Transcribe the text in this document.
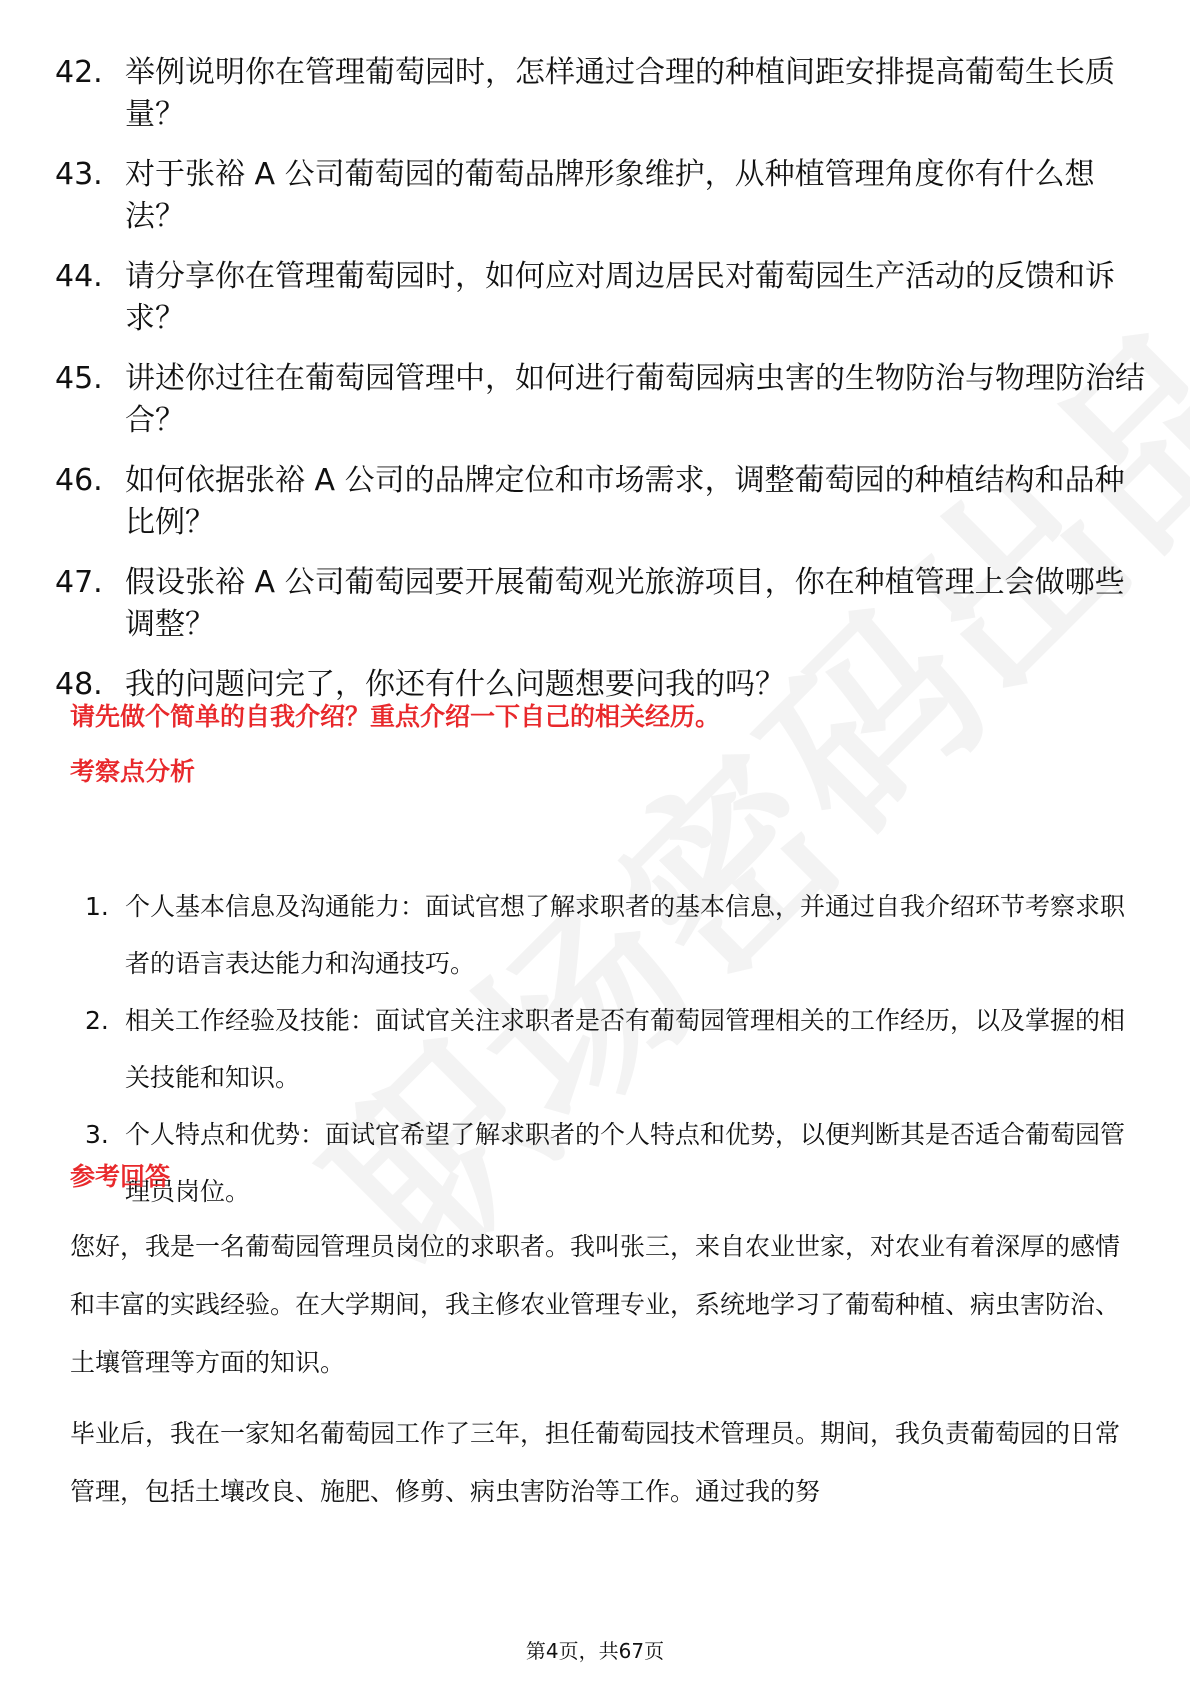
42. 举例说明你在管理葡萄园时，怎样通过合理的种植间距安排提高葡萄生长质量？
43. 对于张裕 A 公司葡萄园的葡萄品牌形象维护，从种植管理角度你有什么想法？
44. 请分享你在管理葡萄园时，如何应对周边居民对葡萄园生产活动的反馈和诉求？
45. 讲述你过往在葡萄园管理中，如何进行葡萄园病虫害的生物防治与物理防治结合？
46. 如何依据张裕 A 公司的品牌定位和市场需求，调整葡萄园的种植结构和品种比例？
47. 假设张裕 A 公司葡萄园要开展葡萄观光旅游项目，你在种植管理上会做哪些调整？
48. 我的问题问完了，你还有什么问题想要问我的吗？
请先做个简单的自我介绍？重点介绍一下自己的相关经历。
考察点分析
1. 个人基本信息及沟通能力：面试官想了解求职者的基本信息，并通过自我介绍环节考察求职者的语言表达能力和沟通技巧。
2. 相关工作经验及技能：面试官关注求职者是否有葡萄园管理相关的工作经历，以及掌握的相关技能和知识。
3. 个人特点和优势：面试官希望了解求职者的个人特点和优势，以便判断其是否适合葡萄园管理员岗位。
参考回答
您好，我是一名葡萄园管理员岗位的求职者。我叫张三，来自农业世家，对农业有着深厚的感情和丰富的实践经验。在大学期间，我主修农业管理专业，系统地学习了葡萄种植、病虫害防治、土壤管理等方面的知识。
毕业后，我在一家知名葡萄园工作了三年，担任葡萄园技术管理员。期间，我负责葡萄园的日常管理，包括土壤改良、施肥、修剪、病虫害防治等工作。通过我的努
第4页，共67页
